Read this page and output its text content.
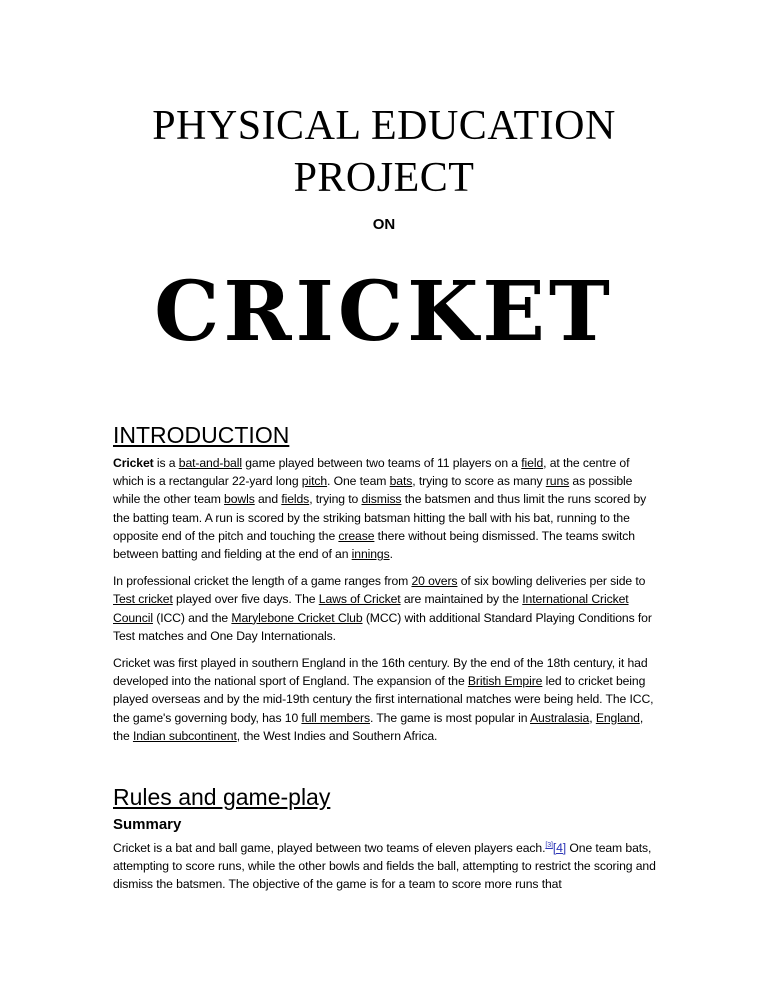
PHYSICAL EDUCATION
PROJECT
ON
CRICKET
INTRODUCTION

Cricket is a bat-and-ball game played between two teams of 11 players on a field, at the centre of which is a rectangular 22-yard long pitch. One team bats, trying to score as many runs as possible while the other team bowls and fields, trying to dismiss the batsmen and thus limit the runs scored by the batting team. A run is scored by the striking batsman hitting the ball with his bat, running to the opposite end of the pitch and touching the crease there without being dismissed. The teams switch between batting and fielding at the end of an innings.

In professional cricket the length of a game ranges from 20 overs of six bowling deliveries per side to Test cricket played over five days. The Laws of Cricket are maintained by the International Cricket Council (ICC) and the Marylebone Cricket Club (MCC) with additional Standard Playing Conditions for Test matches and One Day Internationals.

Cricket was first played in southern England in the 16th century. By the end of the 18th century, it had developed into the national sport of England. The expansion of the British Empire led to cricket being played overseas and by the mid-19th century the first international matches were being held. The ICC, the game's governing body, has 10 full members. The game is most popular in Australasia, England, the Indian subcontinent, the West Indies and Southern Africa.

Rules and game-play
Summary

Cricket is a bat and ball game, played between two teams of eleven players each.[3][4] One team bats, attempting to score runs, while the other bowls and fields the ball, attempting to restrict the scoring and dismiss the batsmen. The objective of the game is for a team to score more runs that
